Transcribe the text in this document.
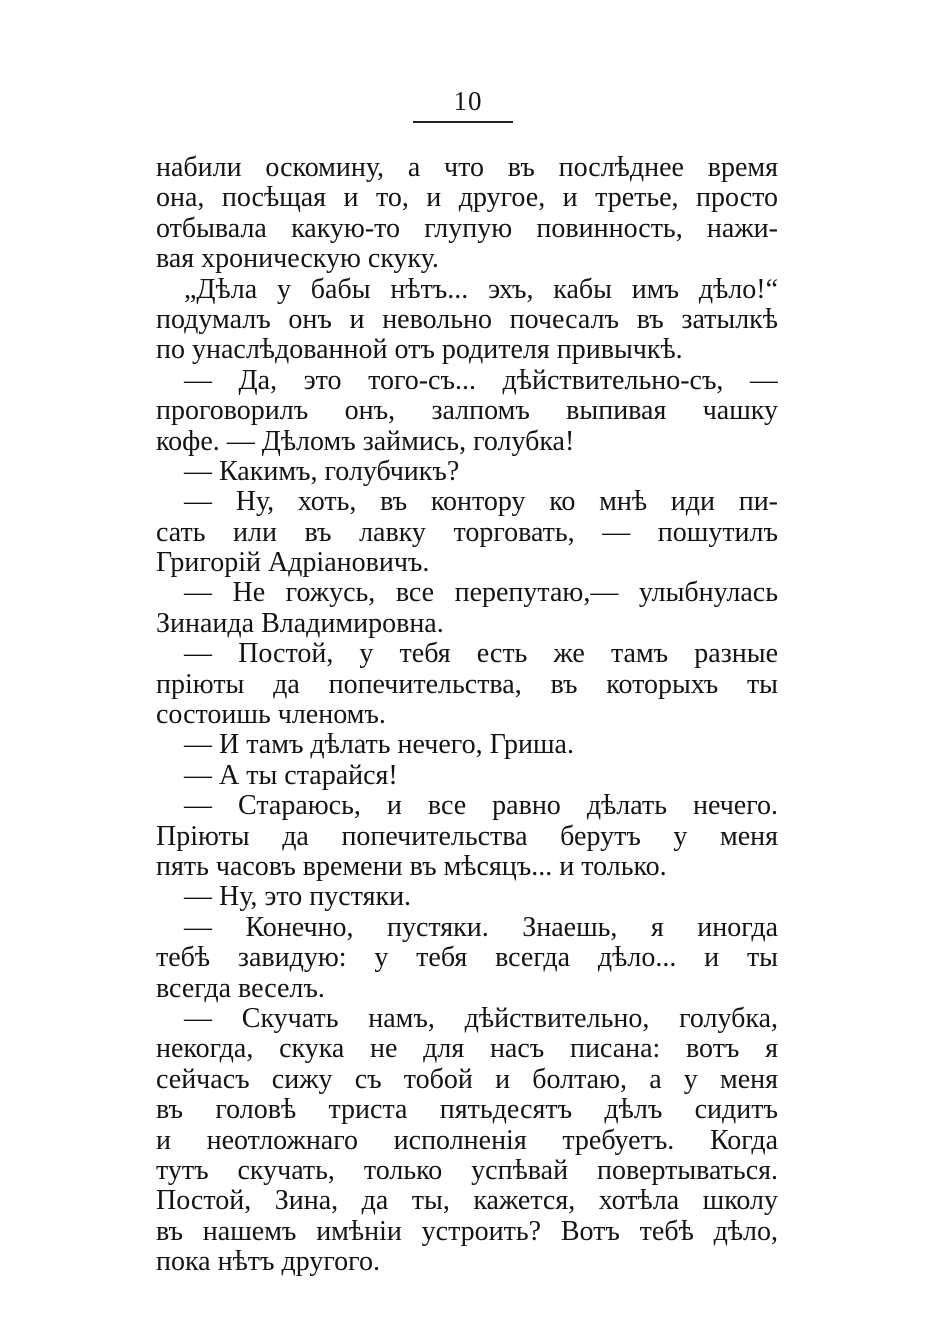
10
набили оскомину, а что въ послѣднее время
она, посѣщая и то, и другое, и третье, просто
отбывала какую-то глупую повинность, нажи-
вая хроническую скуку.
„Дѣла у бабы нѣтъ... эхъ, кабы имъ дѣло!“
подумалъ онъ и невольно почесалъ въ затылкѣ
по унаслѣдованной отъ родителя привычкѣ.
— Да, это того-съ... дѣйствительно-съ, —
проговорилъ онъ, залпомъ выпивая чашку
кофе. — Дѣломъ займись, голубка!
— Какимъ, голубчикъ?
— Ну, хоть, въ контору ко мнѣ иди пи-
сать или въ лавку торговать, — пошутилъ
Григорій Адріановичъ.
— Не гожусь, все перепутаю,— улыбнулась
Зинаида Владимировна.
— Постой, у тебя есть же тамъ разные
пріюты да попечительства, въ которыхъ ты
состоишь членомъ.
— И тамъ дѣлать нечего, Гриша.
— А ты старайся!
— Стараюсь, и все равно дѣлать нечего.
Пріюты да попечительства берутъ у меня
пять часовъ времени въ мѣсяцъ... и только.
— Ну, это пустяки.
— Конечно, пустяки. Знаешь, я иногда
тебѣ завидую: у тебя всегда дѣло... и ты
всегда веселъ.
— Скучать намъ, дѣйствительно, голубка,
некогда, скука не для насъ писана: вотъ я
сейчасъ сижу съ тобой и болтаю, а у меня
въ головѣ триста пятьдесятъ дѣлъ сидитъ
и неотложнаго исполненія требуетъ. Когда
тутъ скучать, только успѣвай повертываться.
Постой, Зина, да ты, кажется, хотѣла школу
въ нашемъ имѣніи устроить? Вотъ тебѣ дѣло,
пока нѣтъ другого.
